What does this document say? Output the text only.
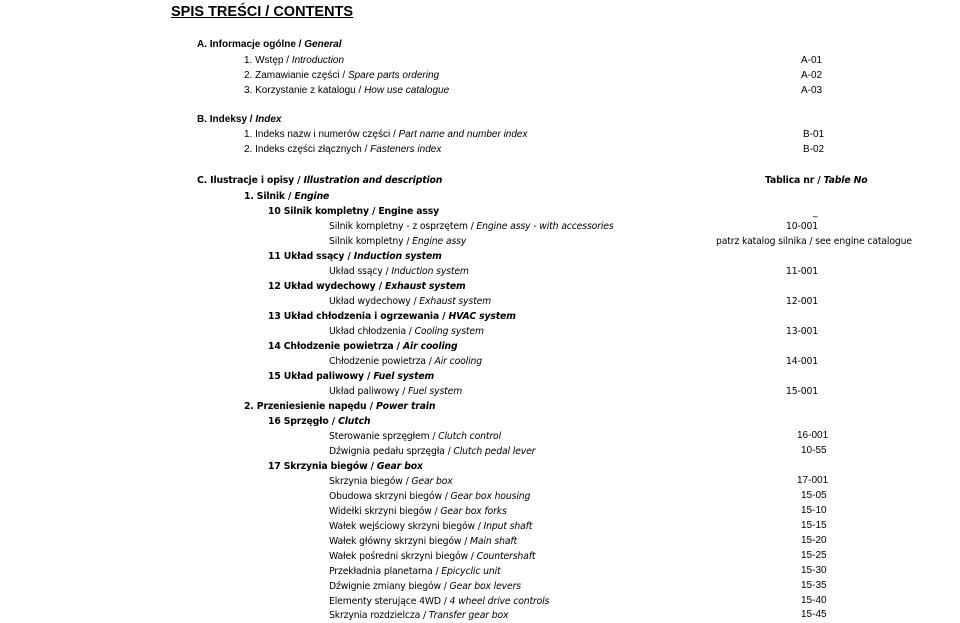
SPIS TREŚCI / CONTENTS
A. Informacje ogólne / General
1. Wstęp / Introduction	A-01
2. Zamawianie części / Spare parts ordering	A-02
3. Korzystanie z katalogu / How use catalogue	A-03
B. Indeksy / Index
1. Indeks nazw i numerów części / Part name and number index	B-01
2. Indeks części złącznych / Fasteners index	B-02
C. Ilustracje i opisy / Illustration and description	Tablica nr / Table No
1. Silnik / Engine
10 Silnik kompletny / Engine assy	_
Silnik kompletny - z osprzętem / Engine assy - with accessories	10-001
Silnik kompletny / Engine assy	patrz katalog silnika / see engine catalogue
11 Układ ssący / Induction system
Układ ssący / Induction system	11-001
12 Układ wydechowy / Exhaust system
Układ wydechowy / Exhaust system	12-001
13 Układ chłodzenia i ogrzewania / HVAC system
Układ chłodzenia / Cooling system	13-001
14 Chłodzenie powietrza / Air cooling
Chłodzenie powietrza / Air cooling	14-001
15 Układ paliwowy / Fuel system
Układ paliwowy / Fuel system	15-001
2. Przeniesienie napędu / Power train
16 Sprzęgło / Clutch
Sterowanie sprzęgłem / Clutch control	16-001
Dźwignia pedału sprzęgła / Clutch pedal lever	10-55
17 Skrzynia biegów / Gear box
Skrzynia biegów / Gear box	17-001
Obudowa skrzyni biegów / Gear box housing	15-05
Widełki skrzyni biegów / Gear box forks	15-10
Wałek wejściowy skrzyni biegów / Input shaft	15-15
Wałek główny skrzyni biegów / Main shaft	15-20
Wałek pośredni skrzyni biegów / Countershaft	15-25
Przekładnia planetarna / Epicyclic unit	15-30
Dźwignie zmiany biegów / Gear box levers	15-35
Elementy sterujące 4WD / 4 wheel drive controls	15-40
Skrzynia rozdzielcza / Transfer gear box	15-45
